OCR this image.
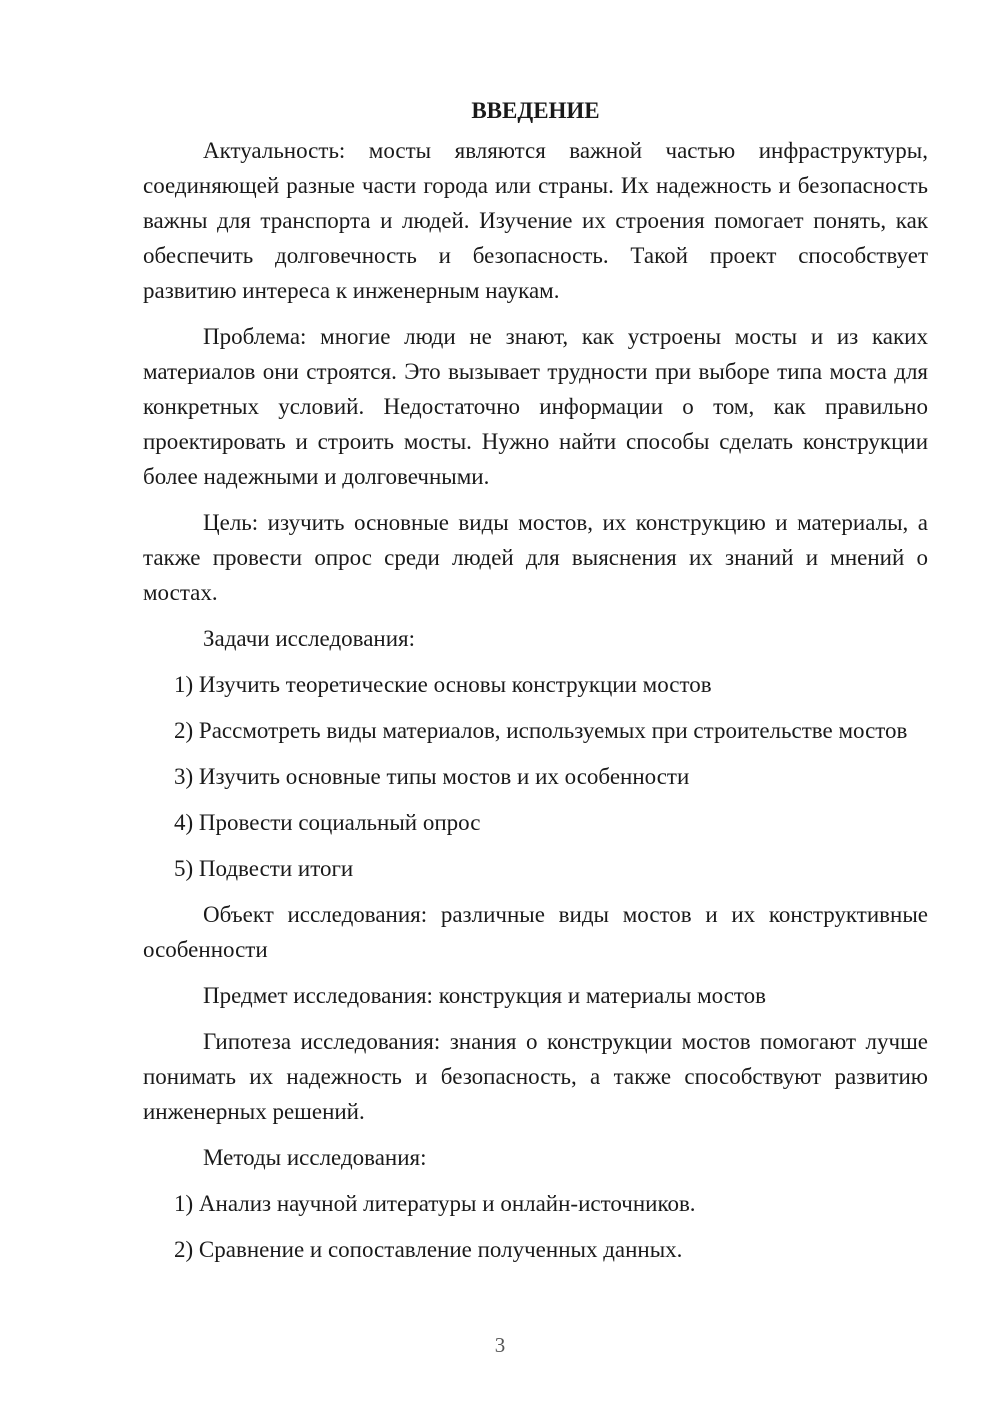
ВВЕДЕНИЕ

Актуальность: мосты являются важной частью инфраструктуры, соединяющей разные части города или страны. Их надежность и безопасность важны для транспорта и людей. Изучение их строения помогает понять, как обеспечить долговечность и безопасность. Такой проект способствует развитию интереса к инженерным наукам.

Проблема: многие люди не знают, как устроены мосты и из каких материалов они строятся. Это вызывает трудности при выборе типа моста для конкретных условий. Недостаточно информации о том, как правильно проектировать и строить мосты. Нужно найти способы сделать конструкции более надежными и долговечными.

Цель: изучить основные виды мостов, их конструкцию и материалы, а также провести опрос среди людей для выяснения их знаний и мнений о мостах.

Задачи исследования:

1) Изучить теоретические основы конструкции мостов

2) Рассмотреть виды материалов, используемых при строительстве мостов

3) Изучить основные типы мостов и их особенности

4) Провести социальный опрос

5) Подвести итоги

Объект исследования: различные виды мостов и их конструктивные особенности

Предмет исследования: конструкция и материалы мостов

Гипотеза исследования: знания о конструкции мостов помогают лучше понимать их надежность и безопасность, а также способствуют развитию инженерных решений.

Методы исследования:

1) Анализ научной литературы и онлайн-источников.

2) Сравнение и сопоставление полученных данных.

3
